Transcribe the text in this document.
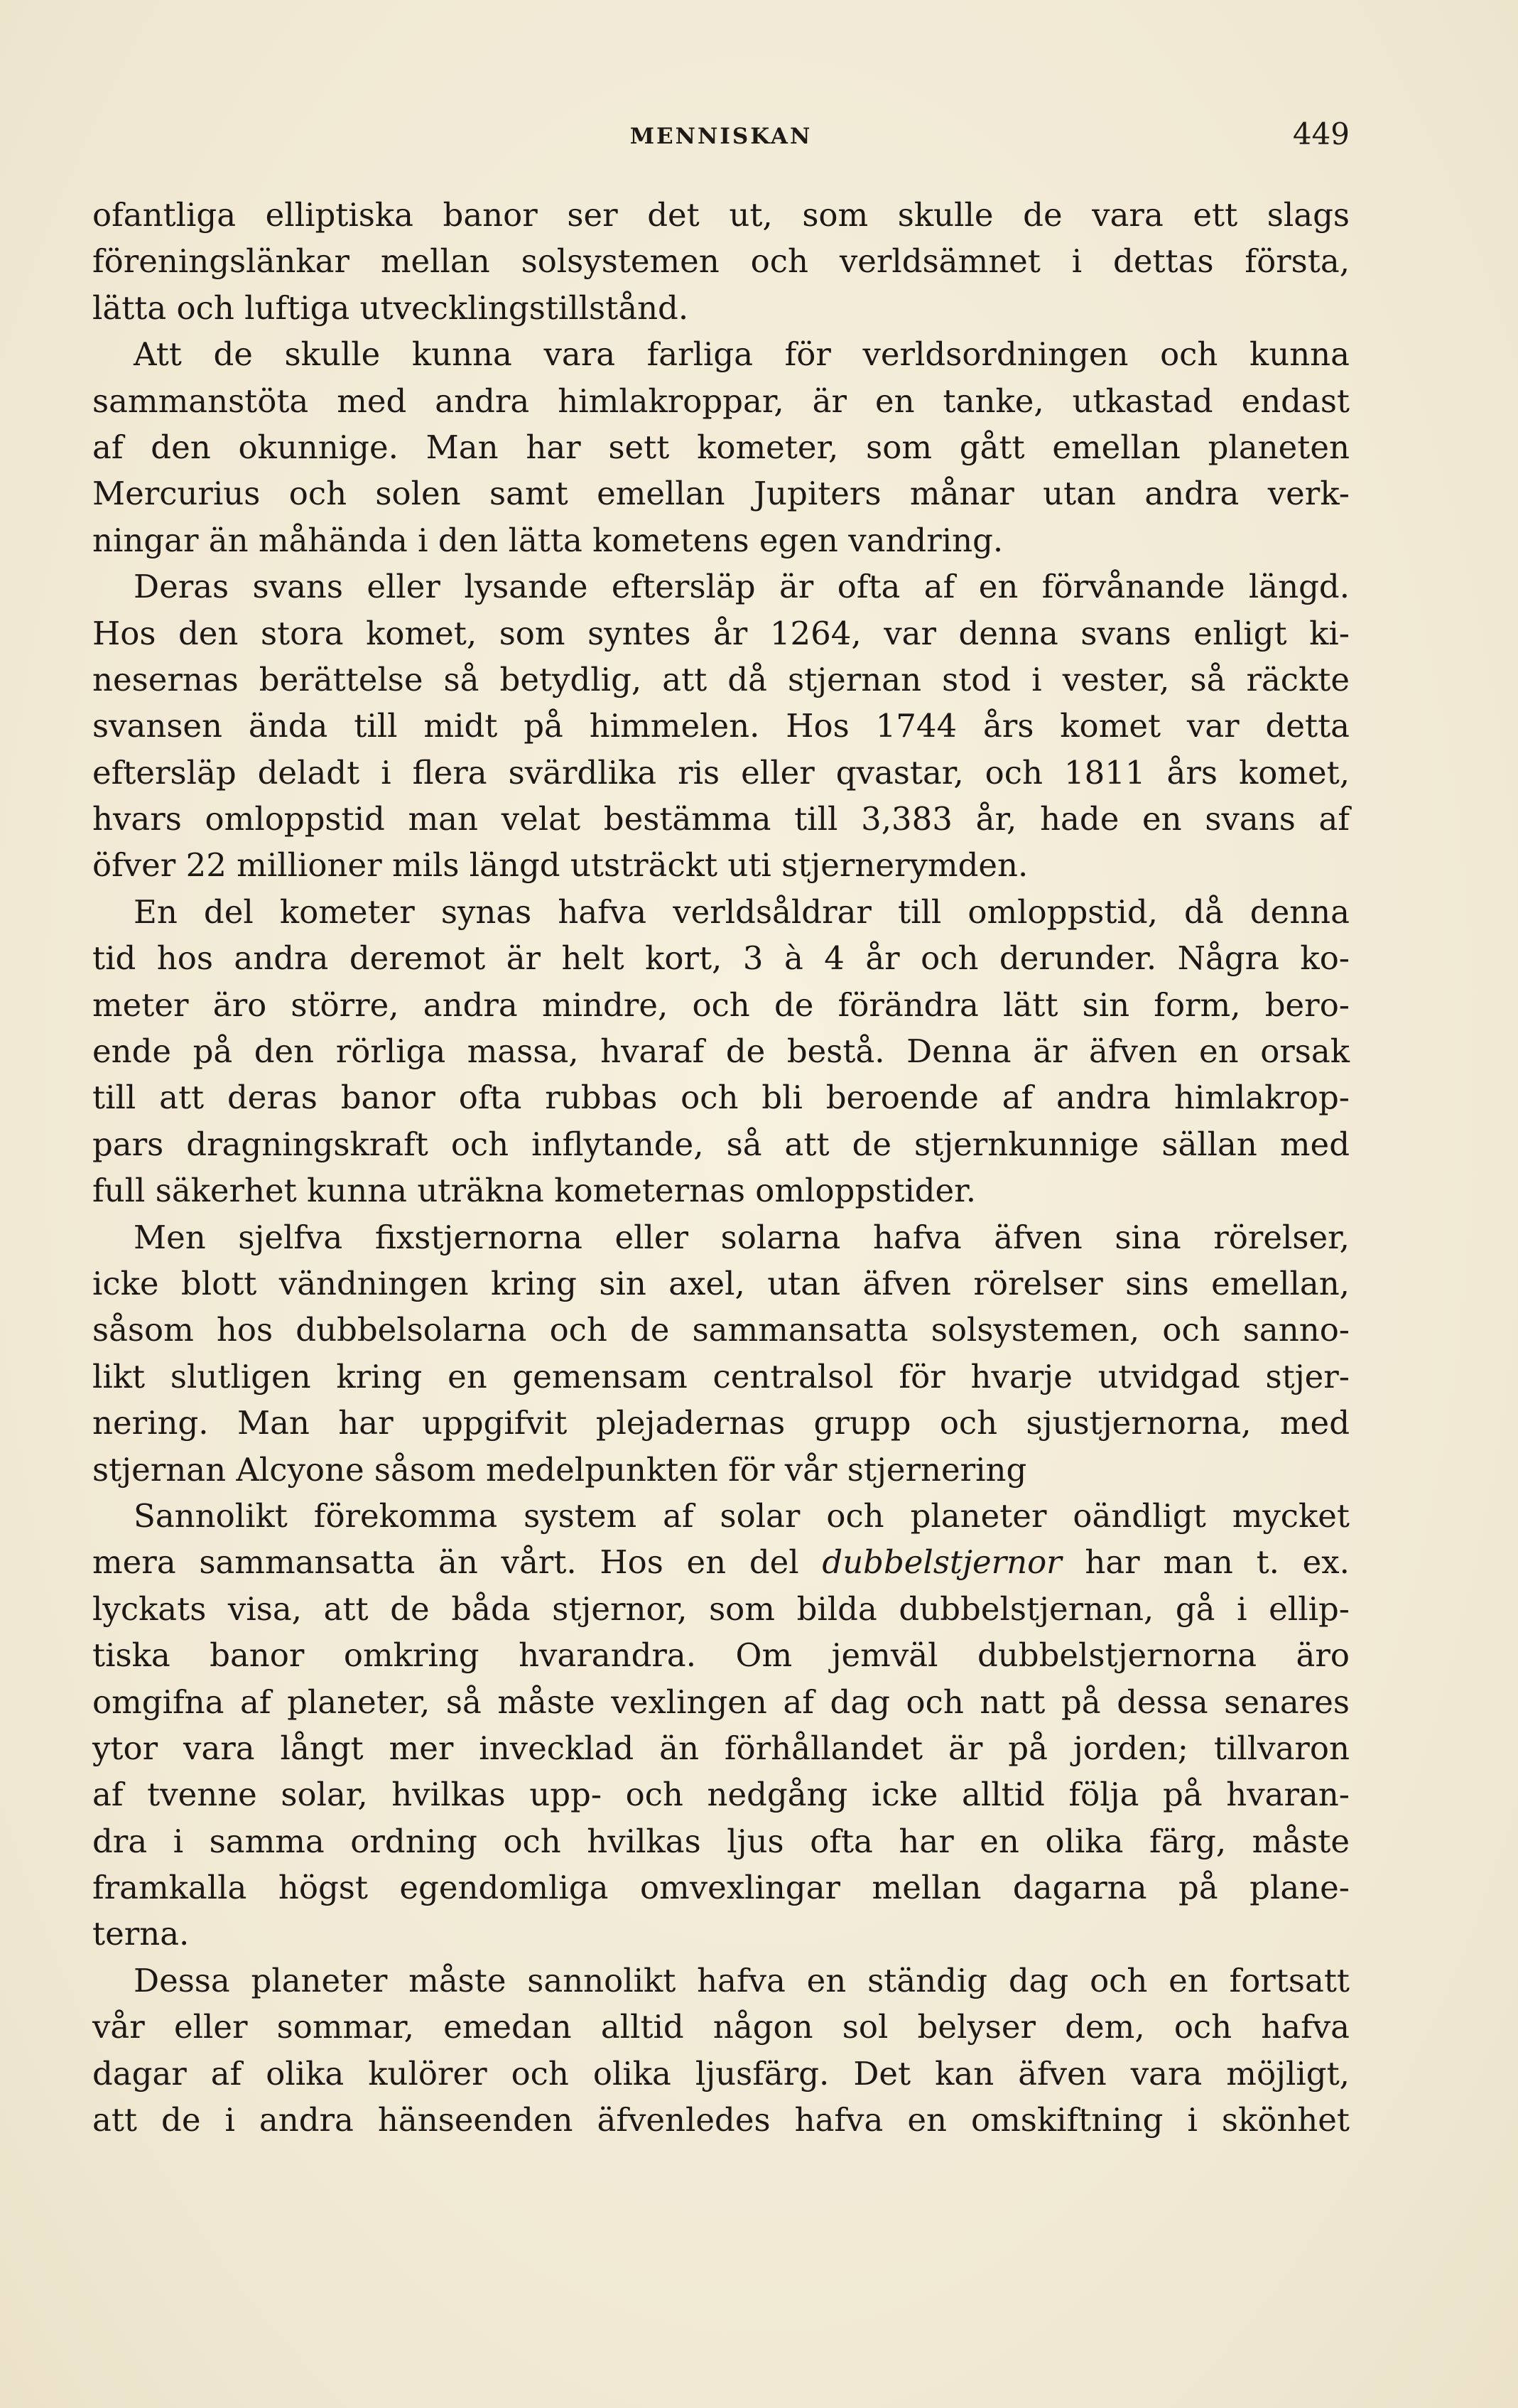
MENNISKAN	449
ofantliga elliptiska banor ser det ut, som skulle de vara ett slags
föreningslänkar mellan solsystemen och verldsämnet i dettas första,
lätta och luftiga utvecklingstillstånd.
Att de skulle kunna vara farliga för verldsordningen och kunna
sammanstöta med andra himlakroppar, är en tanke, utkastad endast
af den okunnige. Man har sett kometer, som gått emellan planeten
Mercurius och solen samt emellan Jupiters månar utan andra verk-
ningar än måhända i den lätta kometens egen vandring.
Deras svans eller lysande eftersläp är ofta af en förvånande längd.
Hos den stora komet, som syntes år 1264, var denna svans enligt ki-
nesernas berättelse så betydlig, att då stjernan stod i vester, så räckte
svansen ända till midt på himmelen. Hos 1744 års komet var detta
eftersläp deladt i flera svärdlika ris eller qvastar, och 1811 års komet,
hvars omloppstid man velat bestämma till 3,383 år, hade en svans af
öfver 22 millioner mils längd utsträckt uti stjernerymden.
En del kometer synas hafva verldsåldrar till omloppstid, då denna
tid hos andra deremot är helt kort, 3 à 4 år och derunder. Några ko-
meter äro större, andra mindre, och de förändra lätt sin form, bero-
ende på den rörliga massa, hvaraf de bestå. Denna är äfven en orsak
till att deras banor ofta rubbas och bli beroende af andra himlakrop-
pars dragningskraft och inflytande, så att de stjernkunnige sällan med
full säkerhet kunna uträkna kometernas omloppstider.
Men sjelfva fixstjernorna eller solarna hafva äfven sina rörelser,
icke blott vändningen kring sin axel, utan äfven rörelser sins emellan,
såsom hos dubbelsolarna och de sammansatta solsystemen, och sanno-
likt slutligen kring en gemensam centralsol för hvarje utvidgad stjer-
nering. Man har uppgifvit plejadernas grupp och sjustjernorna, med
stjernan Alcyone såsom medelpunkten för vår stjernering
Sannolikt förekomma system af solar och planeter oändligt mycket
mera sammansatta än vårt. Hos en del dubbelstjernor har man t. ex.
lyckats visa, att de båda stjernor, som bilda dubbelstjernan, gå i ellip-
tiska banor omkring hvarandra. Om jemväl dubbelstjernorna äro
omgifna af planeter, så måste vexlingen af dag och natt på dessa senares
ytor vara långt mer invecklad än förhållandet är på jorden; tillvaron
af tvenne solar, hvilkas upp- och nedgång icke alltid följa på hvaran-
dra i samma ordning och hvilkas ljus ofta har en olika färg, måste
framkalla högst egendomliga omvexlingar mellan dagarna på plane-
terna.
Dessa planeter måste sannolikt hafva en ständig dag och en fortsatt
vår eller sommar, emedan alltid någon sol belyser dem, och hafva
dagar af olika kulörer och olika ljusfärg. Det kan äfven vara möjligt,
att de i andra hänseenden äfvenledes hafva en omskiftning i skönhet
